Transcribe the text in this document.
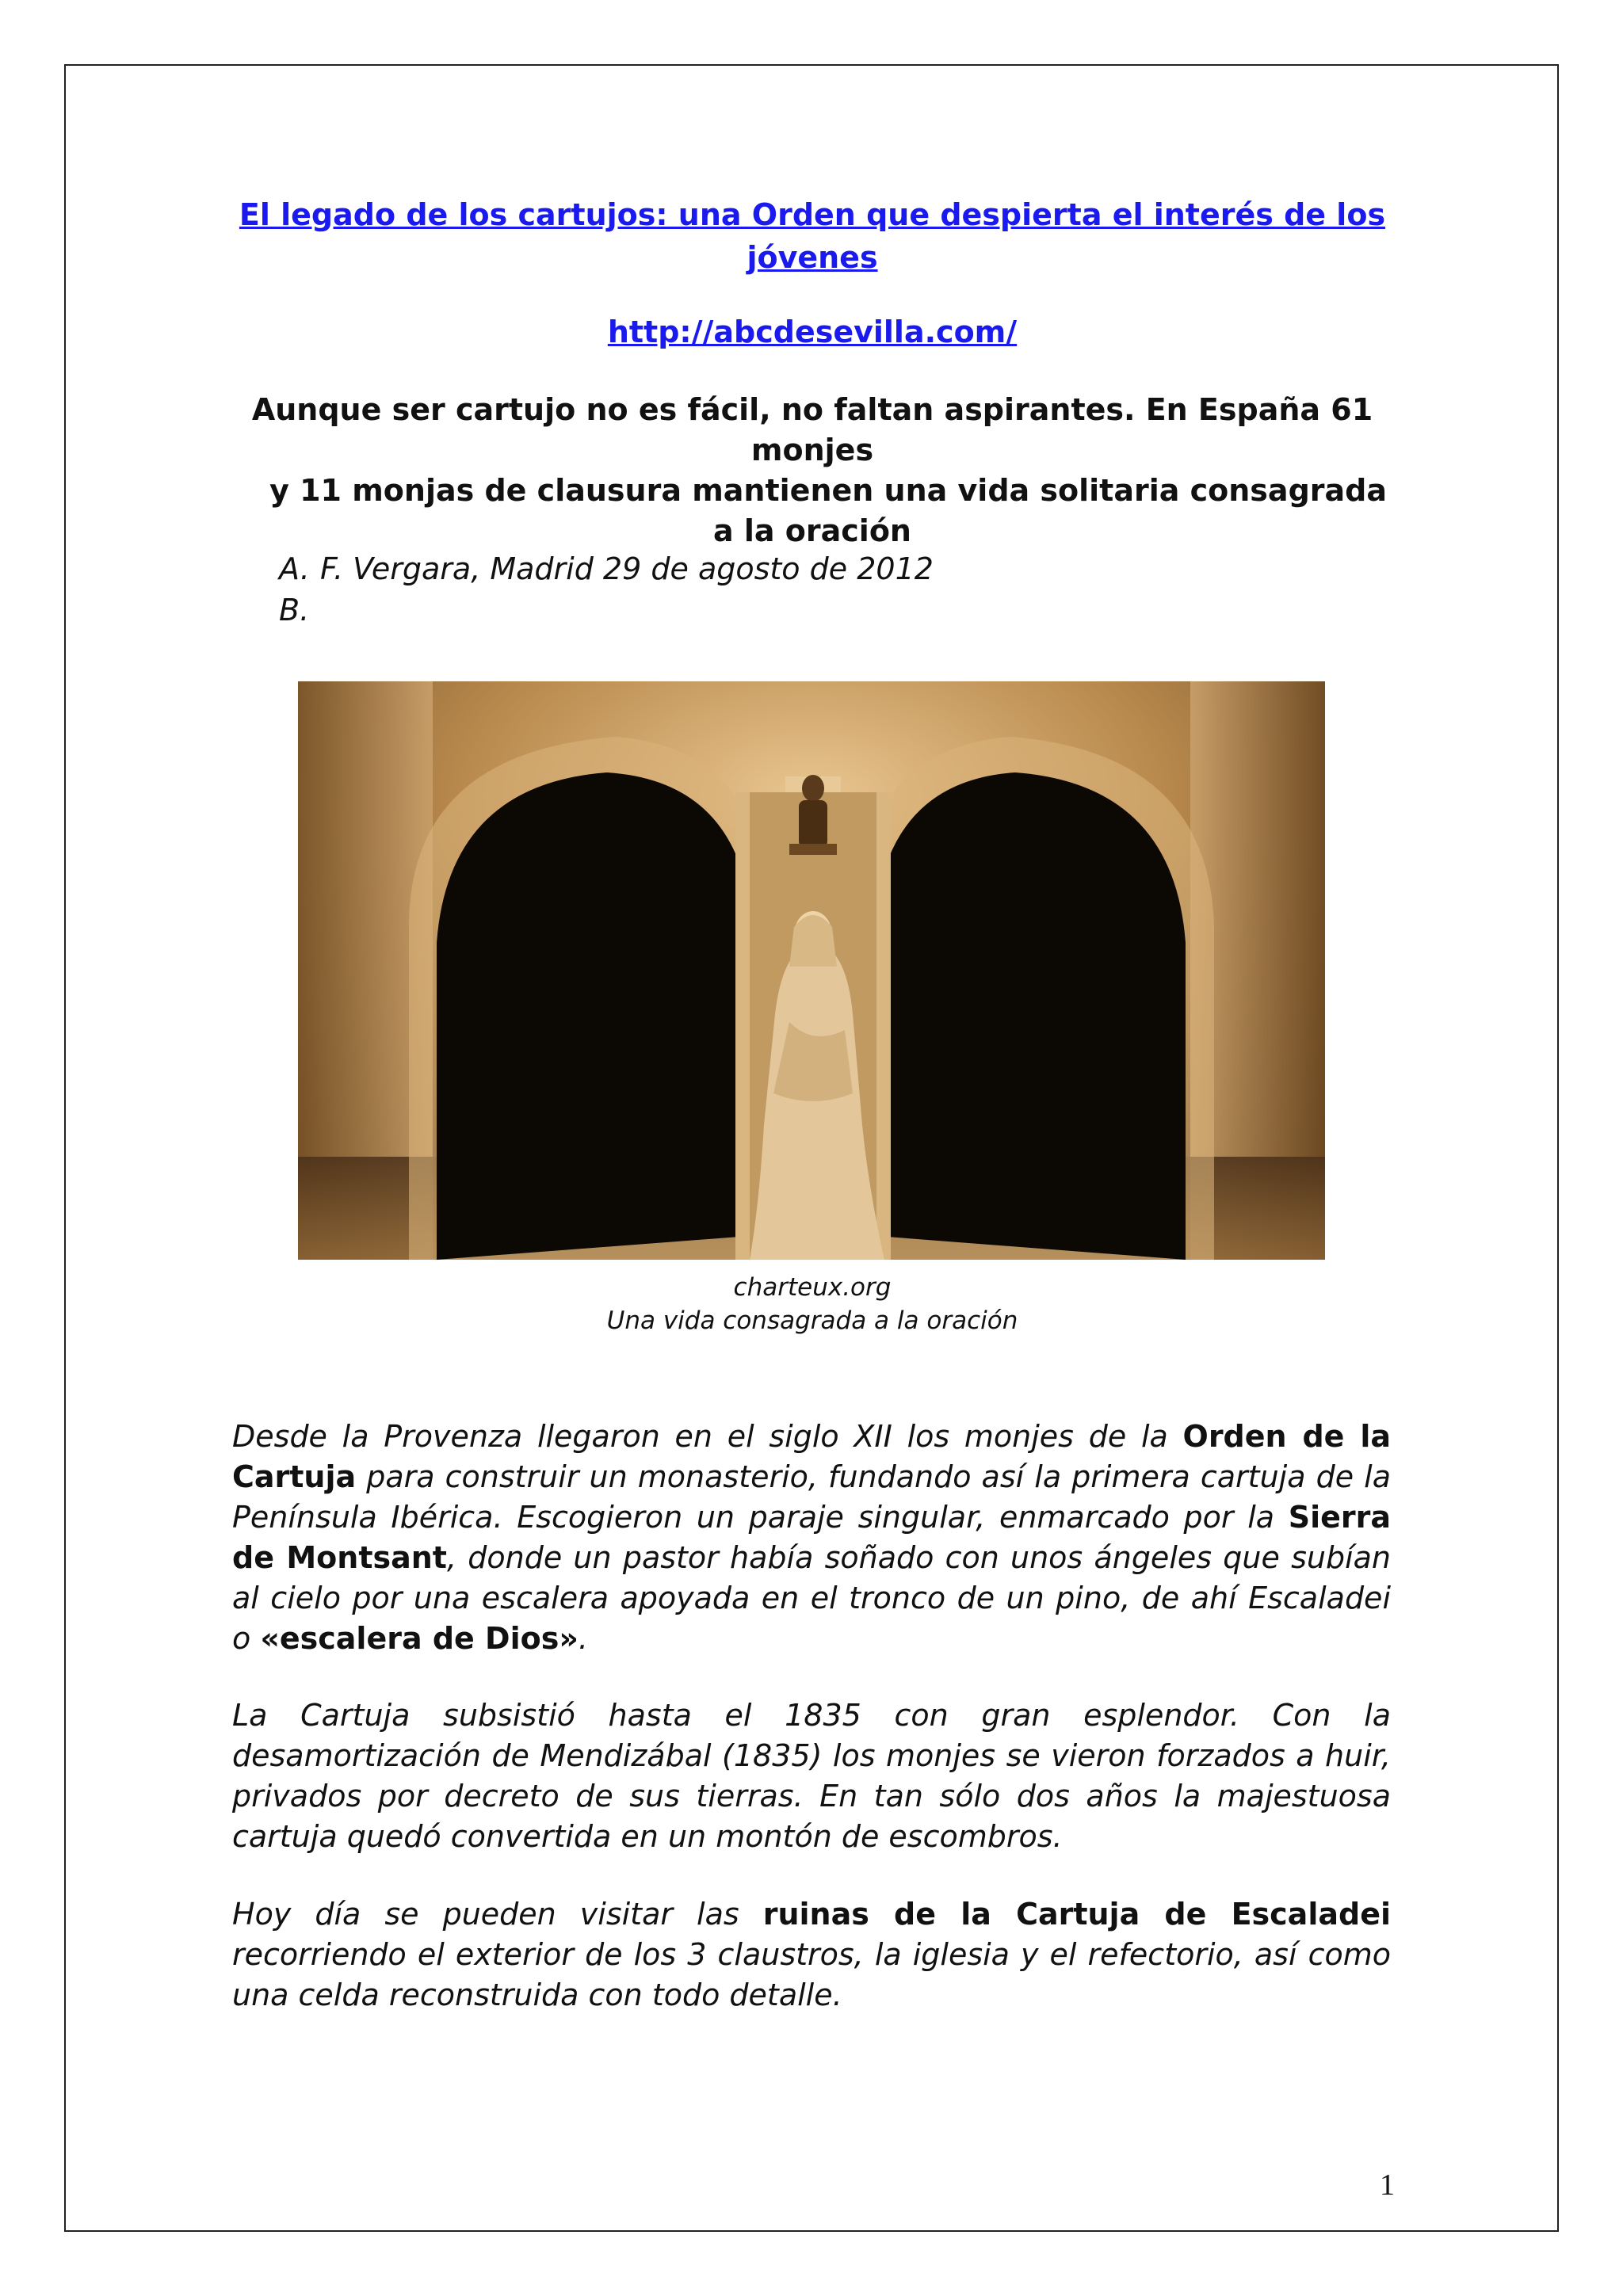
El legado de los cartujos: una Orden que despierta el interés de los jóvenes
http://abcdesevilla.com/
Aunque ser cartujo no es fácil, no faltan aspirantes. En España 61 monjes
y 11 monjas de clausura mantienen una vida solitaria consagrada
a la oración
A. F. Vergara, Madrid 29 de agosto de 2012
B.
charteux.org
Una vida consagrada a la oración
Desde la Provenza llegaron en el siglo XII los monjes de la Orden de la Cartuja para construir un monasterio, fundando así la primera cartuja de la Península Ibérica. Escogieron un paraje singular, enmarcado por la Sierra de Montsant, donde un pastor había soñado con unos ángeles que subían al cielo por una escalera apoyada en el tronco de un pino, de ahí Escaladei o «escalera de Dios».
La Cartuja subsistió hasta el 1835 con gran esplendor. Con la desamortización de Mendizábal (1835) los monjes se vieron forzados a huir, privados por decreto de sus tierras. En tan sólo dos años la majestuosa cartuja quedó convertida en un montón de escombros.
Hoy día se pueden visitar las ruinas de la Cartuja de Escaladei recorriendo el exterior de los 3 claustros, la iglesia y el refectorio, así como una celda reconstruida con todo detalle.
1
